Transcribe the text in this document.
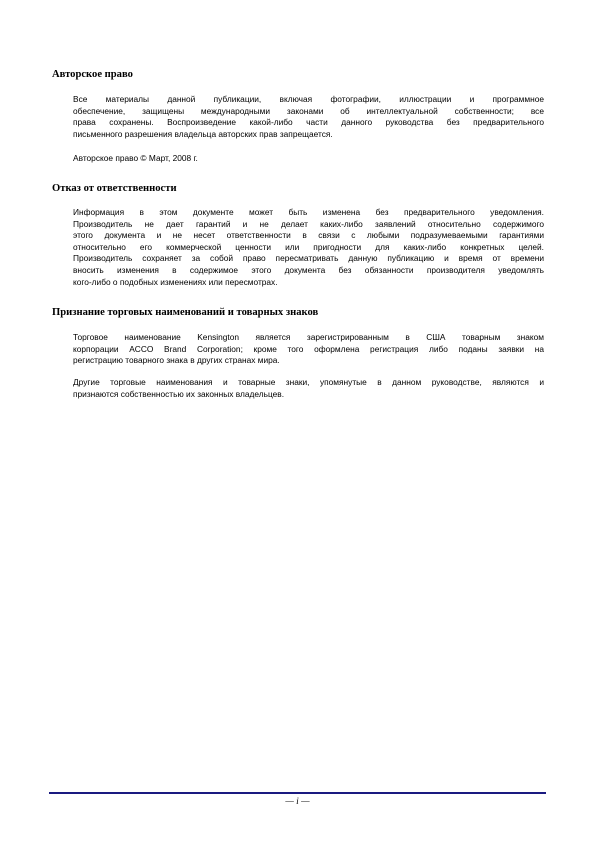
Авторское право
Все материалы данной публикации, включая фотографии, иллюстрации и программное
обеспечение, защищены международными законами об интеллектуальной собственности; все
права сохранены. Воспроизведение какой-либо части данного руководства без предварительного
письменного разрешения владельца авторских прав запрещается.
Авторское право © Март, 2008 г.
Отказ от ответственности
Информация в этом документе может быть изменена без предварительного уведомления.
Производитель не дает гарантий и не делает каких-либо заявлений относительно содержимого
этого документа и не несет ответственности в связи с любыми подразумеваемыми гарантиями
относительно его коммерческой ценности или пригодности для каких-либо конкретных целей.
Производитель сохраняет за собой право пересматривать данную публикацию и время от времени
вносить изменения в содержимое этого документа без обязанности производителя уведомлять
кого-либо о подобных изменениях или пересмотрах.
Признание торговых наименований и товарных знаков
Торговое наименование Kensington является зарегистрированным в США товарным знаком
корпорации ACCO Brand Corporation; кроме того оформлена регистрация либо поданы заявки на
регистрацию товарного знака в других странах мира.
Другие торговые наименования и товарные знаки, упомянутые в данном руководстве, являются и
признаются собственностью их законных владельцев.
— i —
